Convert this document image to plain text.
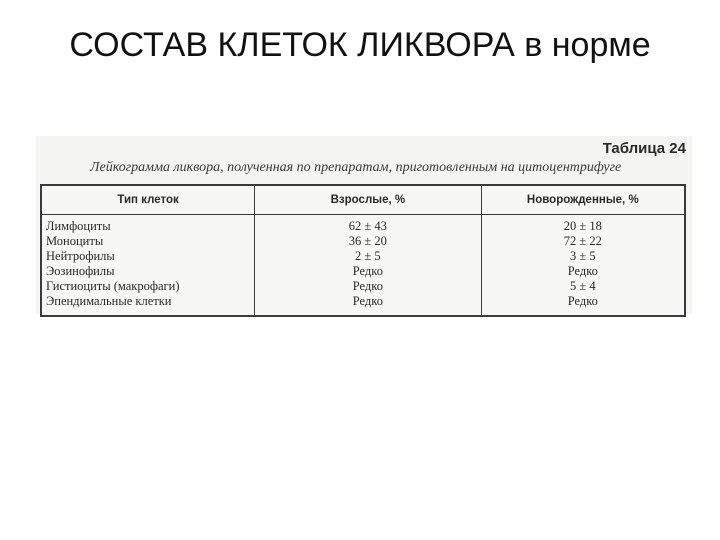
СОСТАВ КЛЕТОК ЛИКВОРА в норме
Таблица 24
Лейкограмма ликвора, полученная по препаратам, приготовленным на цитоцентрифуге
Тип клеток	Взрослые, %	Новорожденные, %
Лимфоциты	62 ± 43	20 ± 18
Моноциты	36 ± 20	72 ± 22
Нейтрофилы	2 ± 5	3 ± 5
Эозинофилы	Редко	Редко
Гистиоциты (макрофаги)	Редко	5 ± 4
Эпендимальные клетки	Редко	Редко
